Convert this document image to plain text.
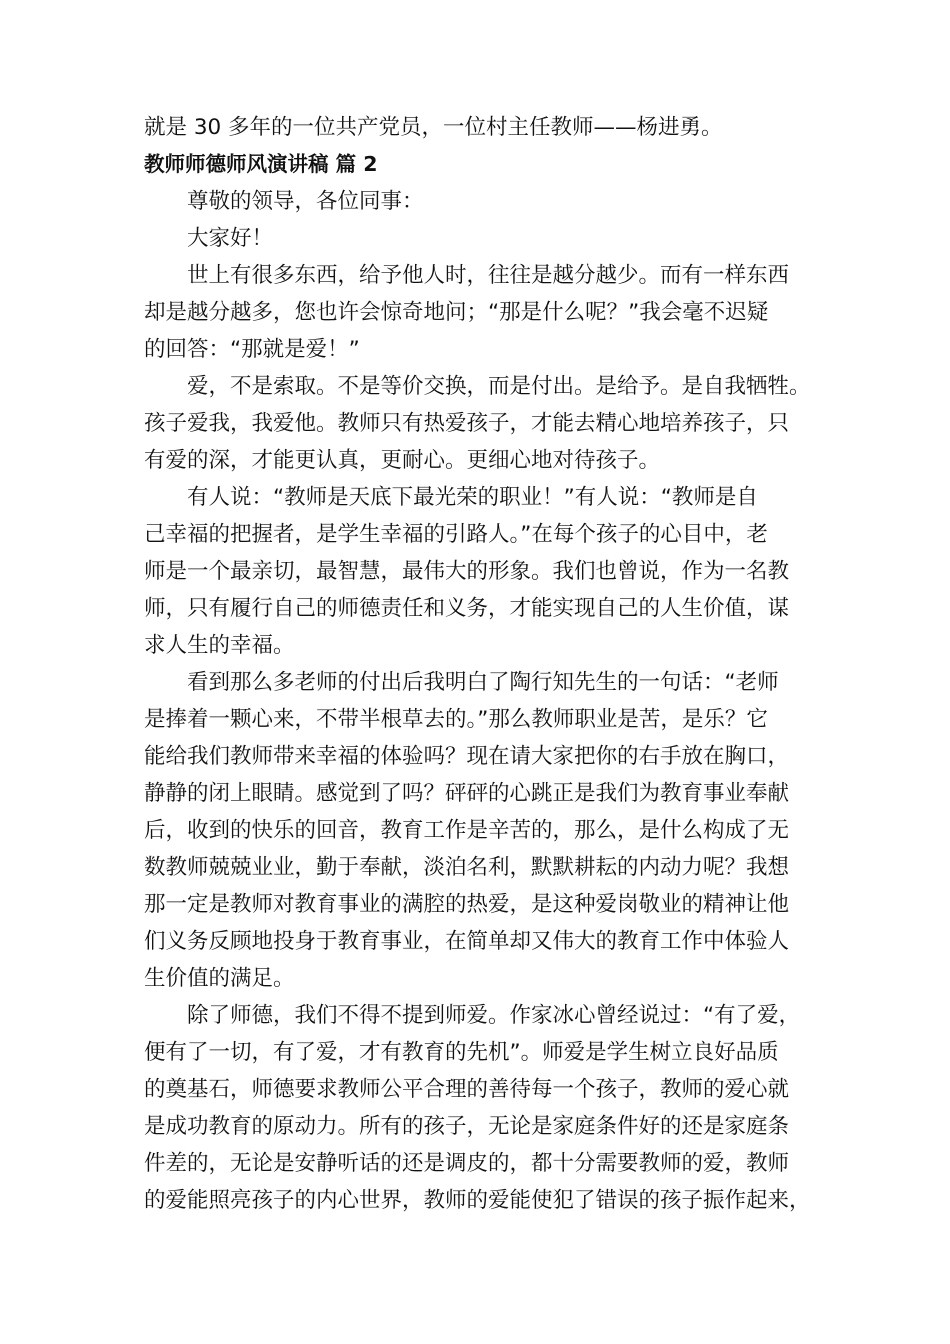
就是 30 多年的一位共产党员，一位村主任教师——杨进勇。
教师师德师风演讲稿 篇 2
尊敬的领导，各位同事：
大家好！
世上有很多东西，给予他人时，往往是越分越少。而有一样东西
却是越分越多，您也许会惊奇地问；“那是什么呢？”我会毫不迟疑
的回答：“那就是爱！”
爱，不是索取。不是等价交换，而是付出。是给予。是自我牺牲。
孩子爱我，我爱他。教师只有热爱孩子，才能去精心地培养孩子，只
有爱的深，才能更认真，更耐心。更细心地对待孩子。
有人说：“教师是天底下最光荣的职业！”有人说：“教师是自
己幸福的把握者，是学生幸福的引路人。”在每个孩子的心目中，老
师是一个最亲切，最智慧，最伟大的形象。我们也曾说，作为一名教
师，只有履行自己的师德责任和义务，才能实现自己的人生价值，谋
求人生的幸福。
看到那么多老师的付出后我明白了陶行知先生的一句话：“老师
是捧着一颗心来，不带半根草去的。”那么教师职业是苦，是乐？它
能给我们教师带来幸福的体验吗？现在请大家把你的右手放在胸口，
静静的闭上眼睛。感觉到了吗？砰砰的心跳正是我们为教育事业奉献
后，收到的快乐的回音，教育工作是辛苦的，那么，是什么构成了无
数教师兢兢业业，勤于奉献，淡泊名利，默默耕耘的内动力呢？我想
那一定是教师对教育事业的满腔的热爱，是这种爱岗敬业的精神让他
们义务反顾地投身于教育事业，在简单却又伟大的教育工作中体验人
生价值的满足。
除了师德，我们不得不提到师爱。作家冰心曾经说过：“有了爱，
便有了一切，有了爱，才有教育的先机”。师爱是学生树立良好品质
的奠基石，师德要求教师公平合理的善待每一个孩子，教师的爱心就
是成功教育的原动力。所有的孩子，无论是家庭条件好的还是家庭条
件差的，无论是安静听话的还是调皮的，都十分需要教师的爱，教师
的爱能照亮孩子的内心世界，教师的爱能使犯了错误的孩子振作起来，
